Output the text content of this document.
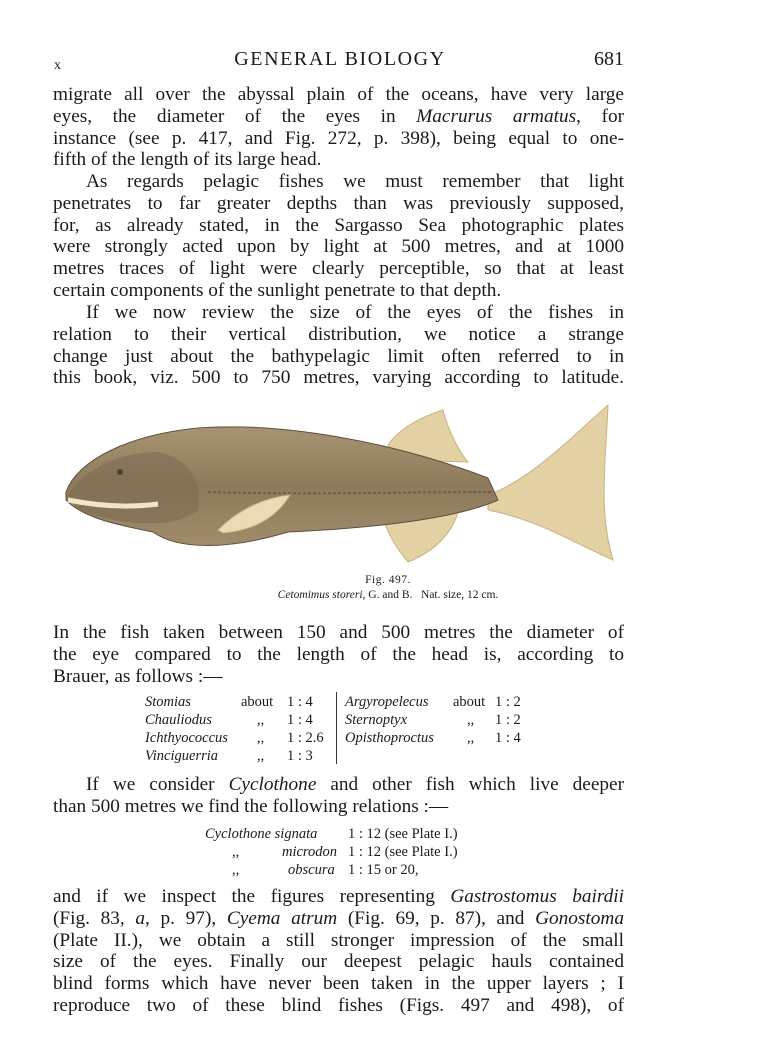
x	GENERAL BIOLOGY	681
migrate all over the abyssal plain of the oceans, have very large
eyes, the diameter of the eyes in Macrurus armatus, for
instance (see p. 417, and Fig. 272, p. 398), being equal to one-
fifth of the length of its large head.
As regards pelagic fishes we must remember that light
penetrates to far greater depths than was previously supposed,
for, as already stated, in the Sargasso Sea photographic plates
were strongly acted upon by light at 500 metres, and at 1000
metres traces of light were clearly perceptible, so that at least
certain components of the sunlight penetrate to that depth.
If we now review the size of the eyes of the fishes in
relation to their vertical distribution, we notice a strange
change just about the bathypelagic limit often referred to in
this book, viz. 500 to 750 metres, varying according to latitude.
Fig. 497.
Cetomimus storeri, G. and B. Nat. size, 12 cm.
In the fish taken between 150 and 500 metres the diameter of
the eye compared to the length of the head is, according to
Brauer, as follows :—
Stomias	about 1 : 4
Chauliodus	,, 1 : 4
Ichthyococcus ,, 1 : 2.6
Vinciguerria	,, 1 : 3
Argyropelecus about 1 : 2
Sternoptyx	,, 1 : 2
Opisthoproctus ,, 1 : 4
If we consider Cyclothone and other fish which live deeper
than 500 metres we find the following relations :—
Cyclothone signata 1 : 12 (see Plate I.)
,,	microdon 1 : 12 (see Plate I.)
,,	obscura 1 : 15 or 20,
and if we inspect the figures representing Gastrostomus bairdii
(Fig. 83, a, p. 97), Cyema atrum (Fig. 69, p. 87), and Gonostoma
(Plate II.), we obtain a still stronger impression of the small
size of the eyes. Finally our deepest pelagic hauls contained
blind forms which have never been taken in the upper layers ; I
reproduce two of these blind fishes (Figs. 497 and 498), of
